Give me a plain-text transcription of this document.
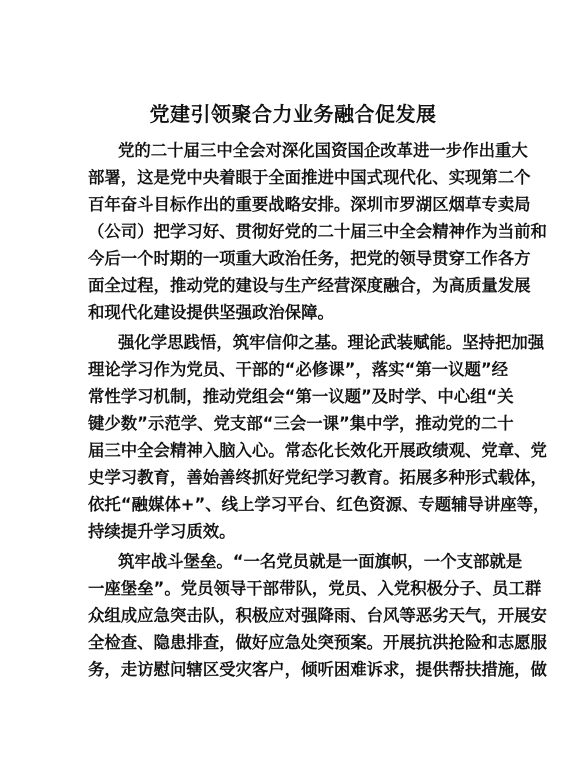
党建引领聚合力业务融合促发展
党的二十届三中全会对深化国资国企改革进一步作出重大
部署，这是党中央着眼于全面推进中国式现代化、实现第二个
百年奋斗目标作出的重要战略安排。深圳市罗湖区烟草专卖局
（公司）把学习好、贯彻好党的二十届三中全会精神作为当前和
今后一个时期的一项重大政治任务，把党的领导贯穿工作各方
面全过程，推动党的建设与生产经营深度融合，为高质量发展
和现代化建设提供坚强政治保障。
强化学思践悟，筑牢信仰之基。理论武装赋能。坚持把加强
理论学习作为党员、干部的“必修课”，落实“第一议题”经
常性学习机制，推动党组会“第一议题”及时学、中心组“关
键少数”示范学、党支部“三会一课”集中学，推动党的二十
届三中全会精神入脑入心。常态化长效化开展政绩观、党章、党
史学习教育，善始善终抓好党纪学习教育。拓展多种形式载体，
依托“融媒体+”、线上学习平台、红色资源、专题辅导讲座等，
持续提升学习质效。
筑牢战斗堡垒。“一名党员就是一面旗帜，一个支部就是
一座堡垒”。党员领导干部带队，党员、入党积极分子、员工群
众组成应急突击队，积极应对强降雨、台风等恶劣天气，开展安
全检查、隐患排查，做好应急处突预案。开展抗洪抢险和志愿服
务，走访慰问辖区受灾客户，倾听困难诉求，提供帮扶措施，做
